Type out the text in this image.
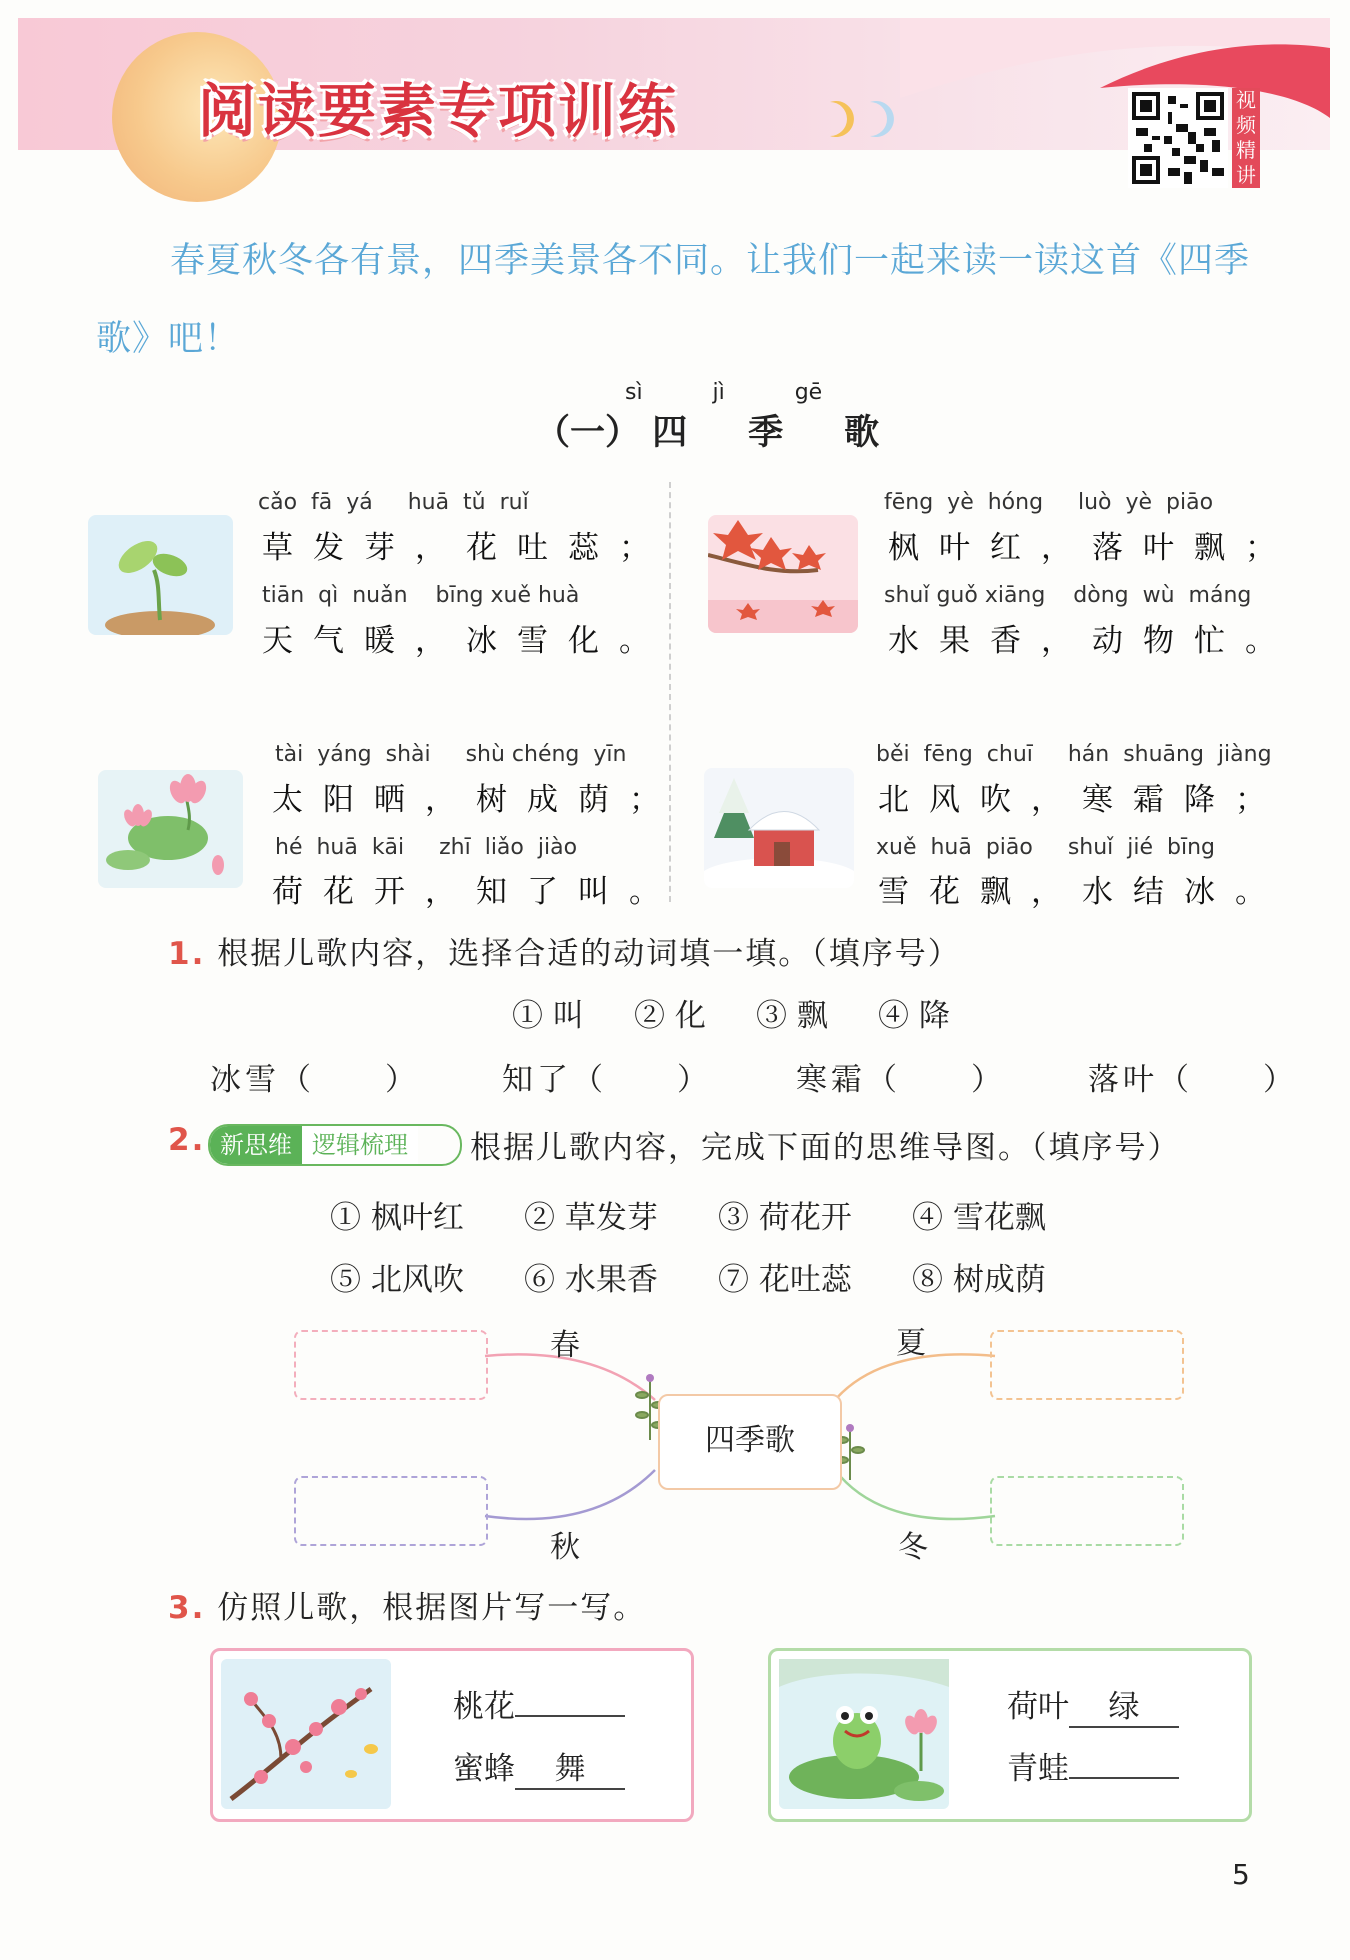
阅读要素专项训练	视频精讲
春夏秋冬各有景，四季美景各不同。让我们一起来读一读这首《四季歌》吧！
（一） 四 季 歌
sì	jì	gē
cǎo  fā  yá     huā  tǔ  ruǐ
草发芽，花吐蕊；
tiān  qì  nuǎn    bīng xuě huà
天气暖，冰雪化。
fēng  yè  hóng     luò  yè  piāo
枫叶红，落叶飘；
shuǐ guǒ xiāng    dòng  wù  máng
水果香，动物忙。
tài  yáng  shài     shù chéng  yīn
太阳晒，树成荫；
hé  huā  kāi     zhī  liǎo  jiào
荷花开，知了叫。
běi  fēng  chuī     hán  shuāng  jiàng
北风吹，寒霜降；
xuě  huā  piāo     shuǐ  jié  bīng
雪花飘，水结冰。
1. 根据儿歌内容，选择合适的动词填一填。（填序号）
① 叫 ② 化 ③ 飘 ④ 降
冰雪（　　）	知了（　　）	寒霜（　　）	落叶（　　）
2. 新思维 逻辑梳理	根据儿歌内容，完成下面的思维导图。（填序号）
① 枫叶红 ② 草发芽 ③ 荷花开 ④ 雪花飘
⑤ 北风吹 ⑥ 水果香 ⑦ 花吐蕊 ⑧ 树成荫
春	夏
秋	冬
四季歌
3. 仿照儿歌，根据图片写一写。
桃花
蜜蜂 舞
荷叶 绿
青蛙
5
